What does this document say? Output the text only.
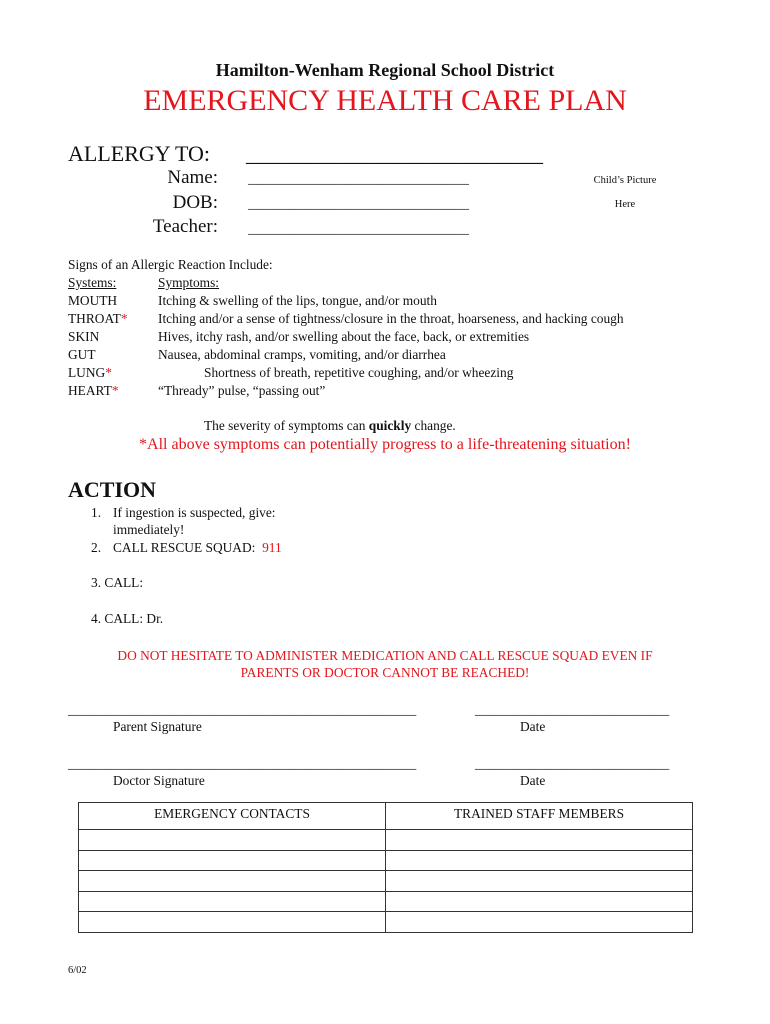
Hamilton-Wenham Regional School District
EMERGENCY HEALTH CARE PLAN
ALLERGY TO: ___________________________
Name: _________________________________
DOB: _________________________________
Teacher: _________________________________
Child’s Picture
Here
Signs of an Allergic Reaction Include:
Systems:	Symptoms:
MOUTH	Itching & swelling of the lips, tongue, and/or mouth
THROAT* Itching and/or a sense of tightness/closure in the throat, hoarseness, and hacking cough
SKIN	Hives, itchy rash, and/or swelling about the face, back, or extremities
GUT	Nausea, abdominal cramps, vomiting, and/or diarrhea
LUNG*	Shortness of breath, repetitive coughing, and/or wheezing
HEART*	“Thready” pulse, “passing out”
The severity of symptoms can quickly change.
*All above symptoms can potentially progress to a life-threatening situation!
ACTION
1. If ingestion is suspected, give:
immediately!
2. CALL RESCUE SQUAD: 911
3. CALL:
4. CALL: Dr.
DO NOT HESITATE TO ADMINISTER MEDICATION AND CALL RESCUE SQUAD EVEN IF
PARENTS OR DOCTOR CANNOT BE REACHED!
____________________________________________________	_____________________________
Parent Signature	Date
____________________________________________________	_____________________________
Doctor Signature	Date
EMERGENCY CONTACTS	TRAINED STAFF MEMBERS

6/02
